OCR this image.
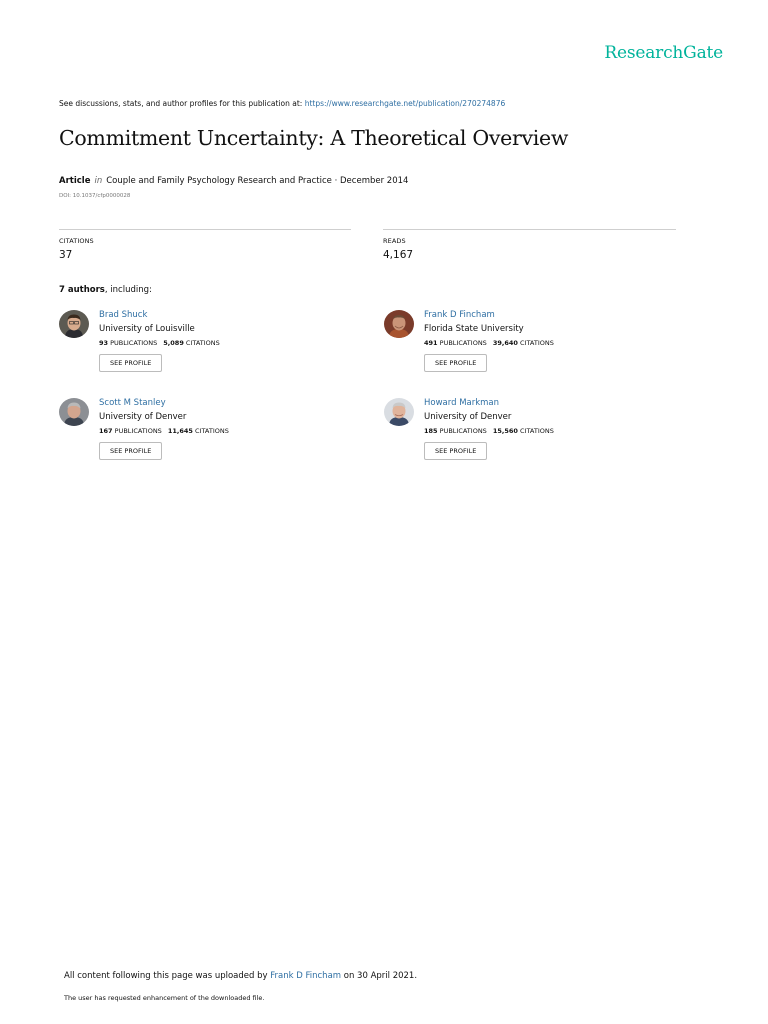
ResearchGate
See discussions, stats, and author profiles for this publication at: https://www.researchgate.net/publication/270274876
Commitment Uncertainty: A Theoretical Overview
Article in Couple and Family Psychology Research and Practice · December 2014
DOI: 10.1037/cfp0000028
CITATIONS
37
READS
4,167
7 authors, including:
Brad Shuck
University of Louisville
93 PUBLICATIONS 5,089 CITATIONS
SEE PROFILE
Frank D Fincham
Florida State University
491 PUBLICATIONS 39,640 CITATIONS
SEE PROFILE
Scott M Stanley
University of Denver
167 PUBLICATIONS 11,645 CITATIONS
SEE PROFILE
Howard Markman
University of Denver
185 PUBLICATIONS 15,560 CITATIONS
SEE PROFILE
All content following this page was uploaded by Frank D Fincham on 30 April 2021.
The user has requested enhancement of the downloaded file.
